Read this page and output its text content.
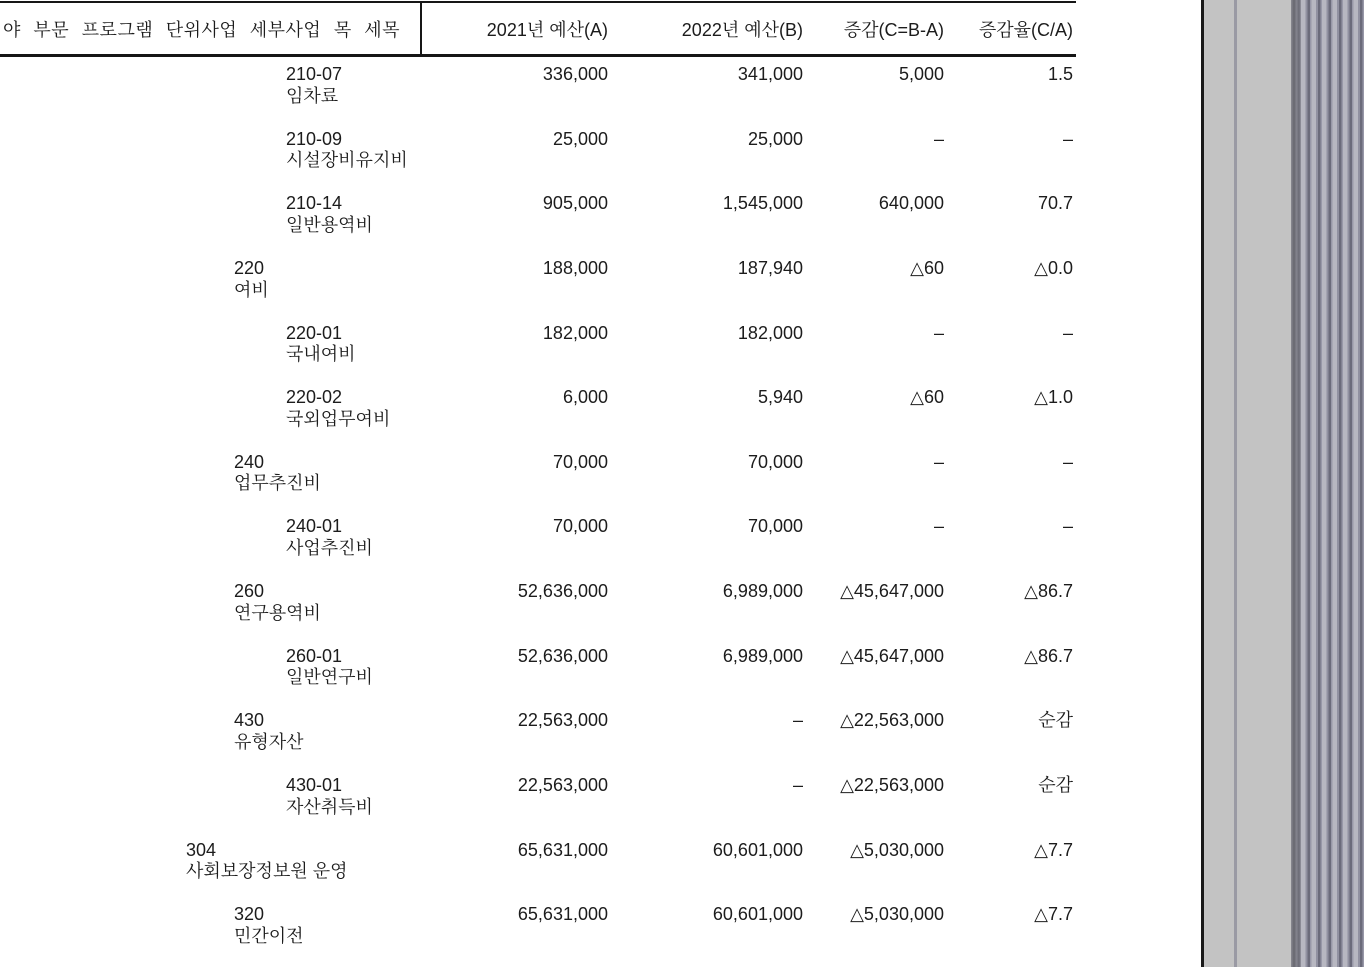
야 부문 프로그램 단위사업 세부사업 목 세목	2021년 예산(A)	2022년 예산(B)	증감(C=B-A)	증감율(C/A)
210-07
임차료
336,000	341,000	5,000	1.5
210-09
시설장비유지비
25,000	25,000	–	–
210-14
일반용역비
905,000	1,545,000	640,000	70.7
220
여비
188,000	187,940	△60	△0.0
220-01
국내여비
182,000	182,000	–	–
220-02
국외업무여비
6,000	5,940	△60	△1.0
240
업무추진비
70,000	70,000	–	–
240-01
사업추진비
70,000	70,000	–	–
260
연구용역비
52,636,000	6,989,000	△45,647,000	△86.7
260-01
일반연구비
52,636,000	6,989,000	△45,647,000	△86.7
430
유형자산
22,563,000	–	△22,563,000	순감
430-01
자산취득비
22,563,000	–	△22,563,000	순감
304
사회보장정보원 운영
65,631,000	60,601,000	△5,030,000	△7.7
320
민간이전
65,631,000	60,601,000	△5,030,000	△7.7
